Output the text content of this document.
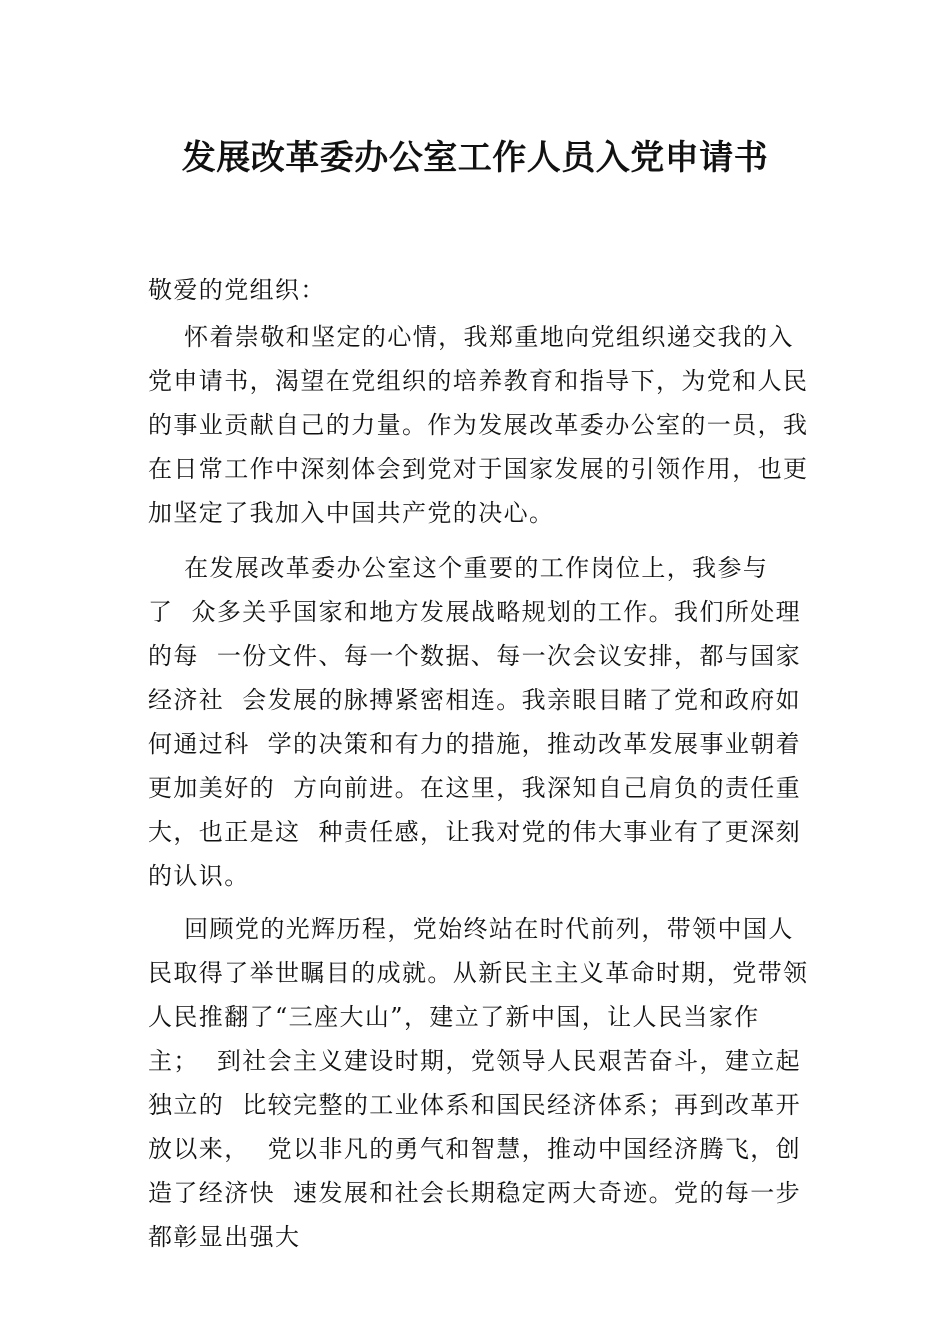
发展改革委办公室工作人员入党申请书

敬爱的党组织：

怀着崇敬和坚定的心情，我郑重地向党组织递交我的入

党申请书，渴望在党组织的培养教育和指导下，为党和人民

的事业贡献自己的力量。作为发展改革委办公室的一员，我

在日常工作中深刻体会到党对于国家发展的引领作用，也更

加坚定了我加入中国共产党的决心。

在发展改革委办公室这个重要的工作岗位上，我参与

了  众多关乎国家和地方发展战略规划的工作。我们所处理

的每  一份文件、每一个数据、每一次会议安排，都与国家

经济社  会发展的脉搏紧密相连。我亲眼目睹了党和政府如

何通过科  学的决策和有力的措施，推动改革发展事业朝着

更加美好的  方向前进。在这里，我深知自己肩负的责任重

大，也正是这  种责任感，让我对党的伟大事业有了更深刻

的认识。

回顾党的光辉历程，党始终站在时代前列，带领中国人

民取得了举世瞩目的成就。从新民主主义革命时期，党带领

人民推翻了“三座大山”，建立了新中国，让人民当家作

主；  到社会主义建设时期，党领导人民艰苦奋斗，建立起

独立的  比较完整的工业体系和国民经济体系；再到改革开

放以来，  党以非凡的勇气和智慧，推动中国经济腾飞，创

造了经济快  速发展和社会长期稳定两大奇迹。党的每一步

都彰显出强大
